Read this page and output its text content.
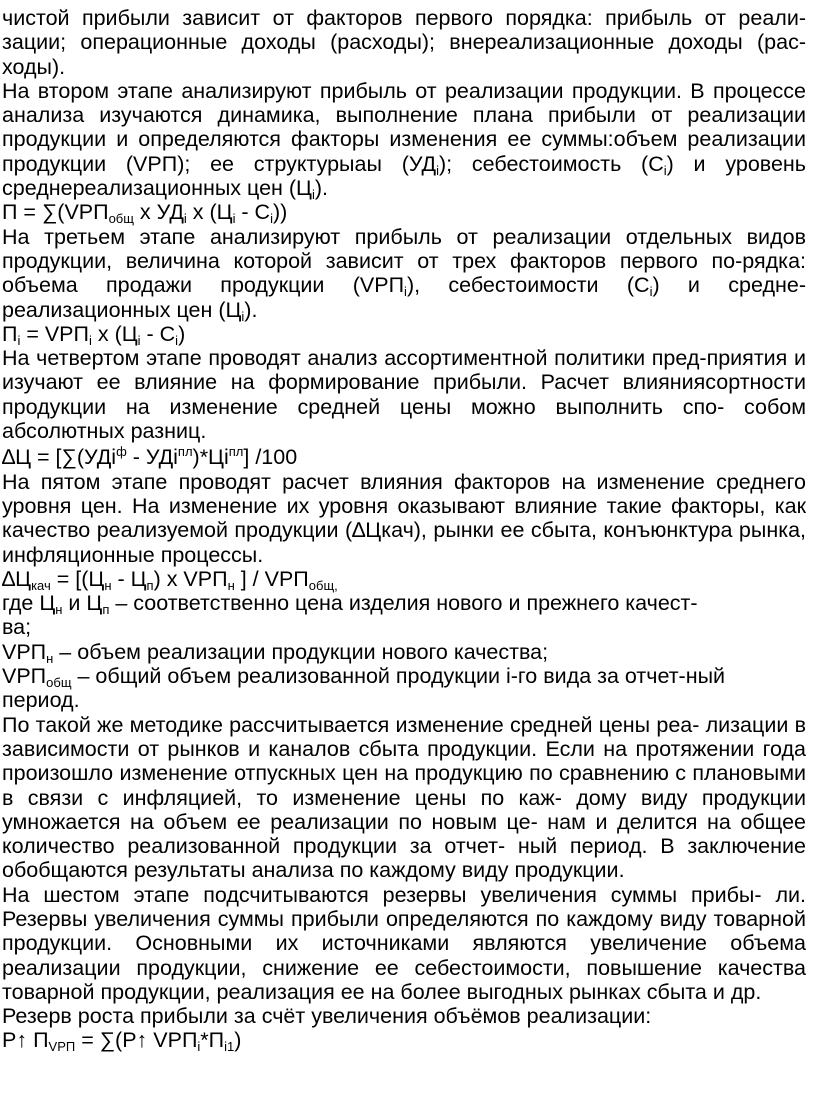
чистой прибыли зависит от факторов первого порядка: прибыль от реали-зации; операционные доходы (расходы); внереализационные доходы (рас-ходы).

На втором этапе анализируют прибыль от реализации продукции. В процессе анализа изучаются динамика, выполнение плана прибыли от реализации продукции и определяются факторы изменения ее суммы:объем реализации продукции (VРП); ее структурыаы $(УД_i)$; себестоимость $(С_i)$ и уровень среднереализационных цен $(Ц_i)$.

$П = \sum(VРП_{общ}$ x $УД_i$ x $(Ц_i - С_i)$)

На третьем этапе анализируют прибыль от реализации отдельных видов продукции, величина которой зависит от трех факторов первого по-рядка: объема продажи продукции $(VРП_i)$, себестоимости $(С_i)$ и средне-реализационных цен $(Ц_i)$.

$П_i = VРП_i$ x $(Ц_i - С_i)$

На четвертом этапе проводят анализ ассортиментной политики пред-приятия и изучают ее влияние на формирование прибыли. Расчет влияниясортности продукции на изменение средней цены можно выполнить спо- собом абсолютных разниц.

$\Delta Ц = [\sum(УДi^ф - УДi^{пл})*Цi^{пл}]$ /100

На пятом этапе проводят расчет влияния факторов на изменение среднего уровня цен. На изменение их уровня оказывают влияние такие факторы, как качество реализуемой продукции (∆Цкач), рынки ее сбыта, конъюнктура рынка, инфляционные процессы.

$\Delta Ц_{кач} = [(Ц_н - Ц_п)$ x $VРП_н$ ] / $VРП_{общ,}$

где $Ц_н$ и $Ц_п$ – соответственно цена изделия нового и прежнего качест-ва;

$VРП_н$ – объем реализации продукции нового качества;

$VРП_{общ}$ – общий объем реализованной продукции i-го вида за отчет-ный период.

По такой же методике рассчитывается изменение средней цены реа- лизации в зависимости от рынков и каналов сбыта продукции. Если на протяжении года произошло изменение отпускных цен на продукцию по сравнению с плановыми в связи с инфляцией, то изменение цены по каж- дому виду продукции умножается на объем ее реализации по новым це- нам и делится на общее количество реализованной продукции за отчет- ный период. В заключение обобщаются результаты анализа по каждому виду продукции.

На шестом этапе подсчитываются резервы увеличения суммы прибы- ли. Резервы увеличения суммы прибыли определяются по каждому виду товарной продукции. Основными их источниками являются увеличение объема реализации продукции, снижение ее себестоимости, повышение качества товарной продукции, реализация ее на более выгодных рынках сбыта и др.

Резерв роста прибыли за счёт увеличения объёмов реализации:

Р↑ $П_{VРП}$ = ∑(Р↑ $VРП_i*П_{i1}$)
